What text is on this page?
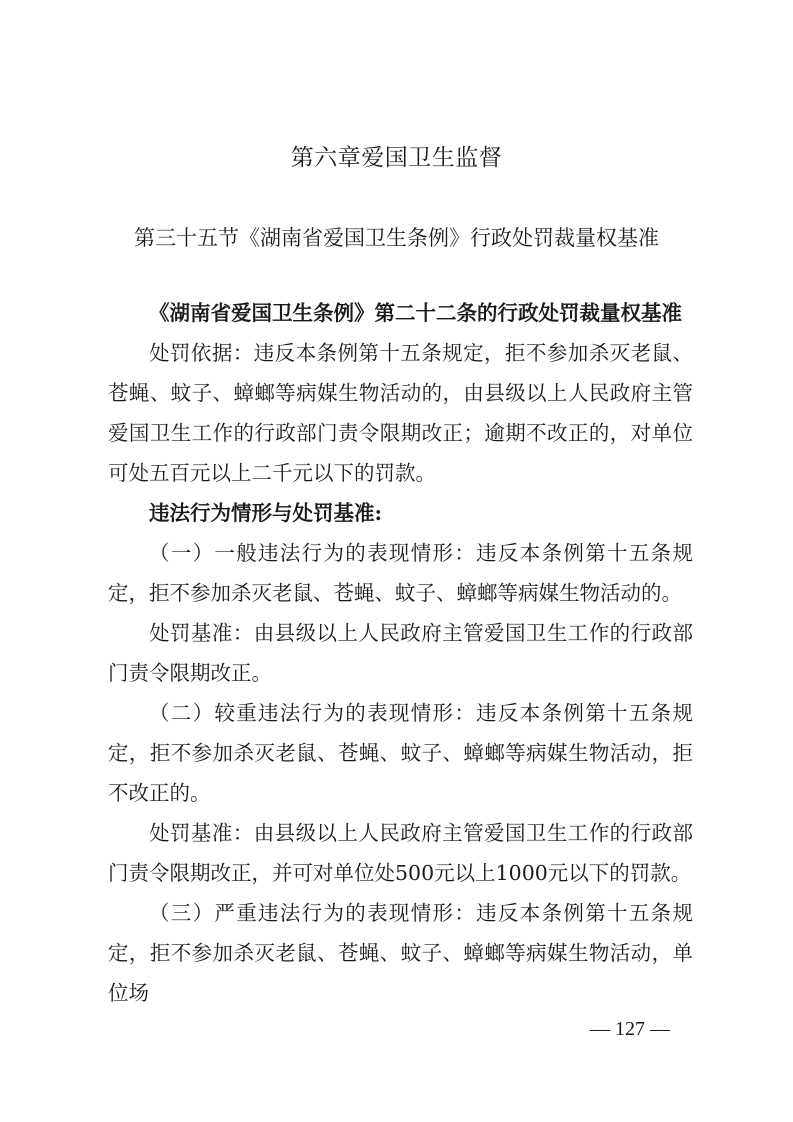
第六章爱国卫生监督
第三十五节《湖南省爱国卫生条例》行政处罚裁量权基准

《湖南省爱国卫生条例》第二十二条的行政处罚裁量权基准

处罚依据：违反本条例第十五条规定，拒不参加杀灭老鼠、苍蝇、蚊子、蟑螂等病媒生物活动的，由县级以上人民政府主管爱国卫生工作的行政部门责令限期改正；逾期不改正的，对单位可处五百元以上二千元以下的罚款。

违法行为情形与处罚基准:

（一）一般违法行为的表现情形：违反本条例第十五条规定，拒不参加杀灭老鼠、苍蝇、蚊子、蟑螂等病媒生物活动的。

处罚基准：由县级以上人民政府主管爱国卫生工作的行政部门责令限期改正。

（二）较重违法行为的表现情形：违反本条例第十五条规定，拒不参加杀灭老鼠、苍蝇、蚊子、蟑螂等病媒生物活动，拒不改正的。

处罚基准：由县级以上人民政府主管爱国卫生工作的行政部门责令限期改正，并可对单位处500元以上1000元以下的罚款。

（三）严重违法行为的表现情形：违反本条例第十五条规定，拒不参加杀灭老鼠、苍蝇、蚊子、蟑螂等病媒生物活动，单位场

— 127 —
